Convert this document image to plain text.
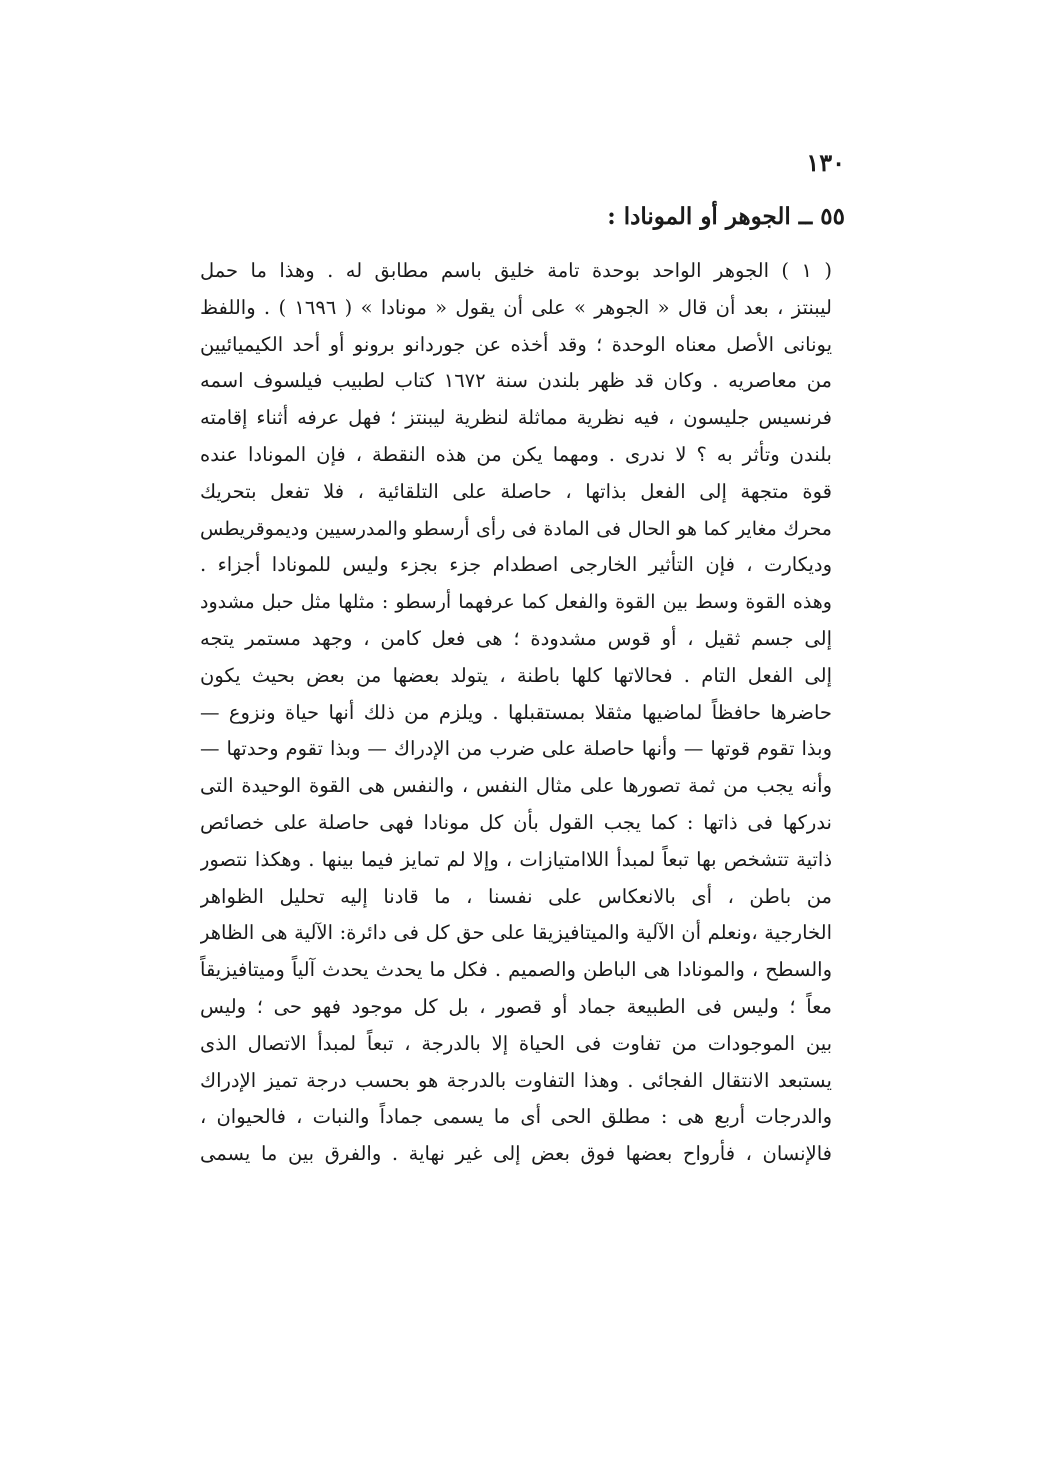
١٣٠
٥٥ ــ الجوهر أو المونادا :
( ١ ) الجوهر الواحد بوحدة تامة خليق باسم مطابق له . وهذا ما حمل
ليبنتز ، بعد أن قال « الجوهر » على أن يقول « مونادا » ( ١٦٩٦ ) . واللفظ
يونانى الأصل معناه الوحدة ؛ وقد أخذه عن جوردانو برونو أو أحد الكيميائيين
من معاصريه . وكان قد ظهر بلندن سنة ١٦٧٢ كتاب لطبيب فيلسوف اسمه
فرنسيس جليسون ، فيه نظرية مماثلة لنظرية ليبنتز ؛ فهل عرفه أثناء إقامته
بلندن وتأثر به ؟ لا ندرى . ومهما يكن من هذه النقطة ، فإن المونادا عنده
قوة متجهة إلى الفعل بذاتها ، حاصلة على التلقائية ، فلا تفعل بتحريك
محرك مغاير كما هو الحال فى المادة فى رأى أرسطو والمدرسيين وديموقريطس
وديكارت ، فإن التأثير الخارجى اصطدام جزء بجزء وليس للمونادا أجزاء .
وهذه القوة وسط بين القوة والفعل كما عرفهما أرسطو : مثلها مثل حبل مشدود
إلى جسم ثقيل ، أو قوس مشدودة ؛ هى فعل كامن ، وجهد مستمر يتجه
إلى الفعل التام . فحالاتها كلها باطنة ، يتولد بعضها من بعض بحيث يكون
حاضرها حافظاً لماضيها مثقلا بمستقبلها . ويلزم من ذلك أنها حياة ونزوع —
وبذا تقوم قوتها — وأنها حاصلة على ضرب من الإدراك — وبذا تقوم وحدتها —
وأنه يجب من ثمة تصورها على مثال النفس ، والنفس هى القوة الوحيدة التى
ندركها فى ذاتها : كما يجب القول بأن كل مونادا فهى حاصلة على خصائص
ذاتية تتشخص بها تبعاً لمبدأ اللاامتيازات ، وإلا لم تمايز فيما بينها . وهكذا نتصور
من باطن ، أى بالانعكاس على نفسنا ، ما قادنا إليه تحليل الظواهر
الخارجية ،ونعلم أن الآلية والميتافيزيقا على حق كل فى دائرة: الآلية هى الظاهر
والسطح ، والمونادا هى الباطن والصميم . فكل ما يحدث يحدث آلياً وميتافيزيقاً
معاً ؛ وليس فى الطبيعة جماد أو قصور ، بل كل موجود فهو حى ؛ وليس
بين الموجودات من تفاوت فى الحياة إلا بالدرجة ، تبعاً لمبدأ الاتصال الذى
يستبعد الانتقال الفجائى . وهذا التفاوت بالدرجة هو بحسب درجة تميز الإدراك
والدرجات أربع هى : مطلق الحى أى ما يسمى جماداً والنبات ، فالحيوان ،
فالإنسان ، فأرواح بعضها فوق بعض إلى غير نهاية . والفرق بين ما يسمى
